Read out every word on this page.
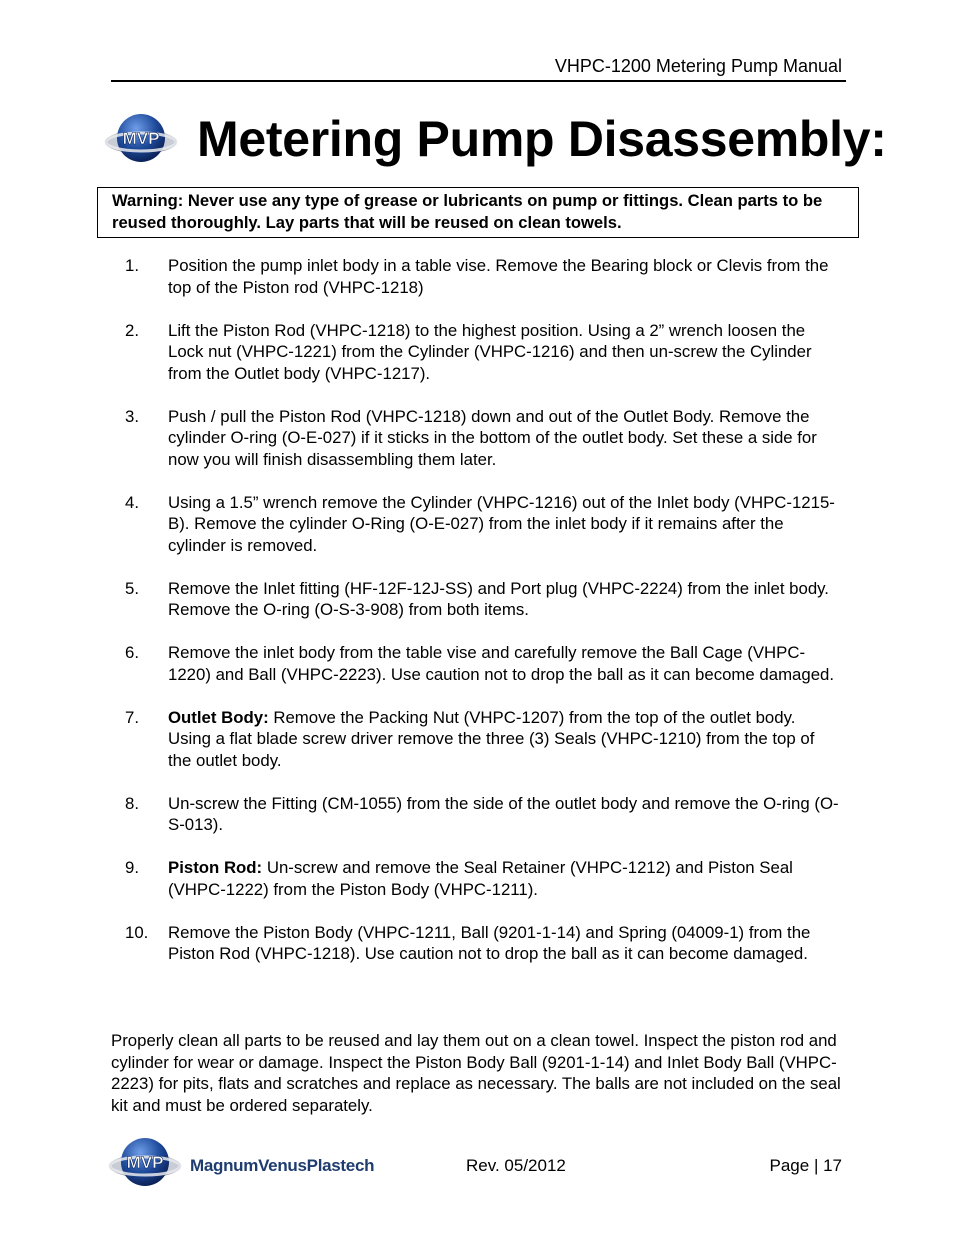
VHPC-1200 Metering Pump Manual
MVP Metering Pump Disassembly:
Warning: Never use any type of grease or lubricants on pump or fittings. Clean parts to be reused thoroughly. Lay parts that will be reused on clean towels.
1. Position the pump inlet body in a table vise. Remove the Bearing block or Clevis from the top of the Piston rod (VHPC-1218)
2. Lift the Piston Rod (VHPC-1218) to the highest position. Using a 2” wrench loosen the Lock nut (VHPC-1221) from the Cylinder (VHPC-1216) and then un-screw the Cylinder from the Outlet body (VHPC-1217).
3. Push / pull the Piston Rod (VHPC-1218) down and out of the Outlet Body. Remove the cylinder O-ring (O-E-027) if it sticks in the bottom of the outlet body. Set these a side for now you will finish disassembling them later.
4. Using a 1.5” wrench remove the Cylinder (VHPC-1216) out of the Inlet body (VHPC-1215-B). Remove the cylinder O-Ring (O-E-027) from the inlet body if it remains after the cylinder is removed.
5. Remove the Inlet fitting (HF-12F-12J-SS) and Port plug (VHPC-2224) from the inlet body. Remove the O-ring (O-S-3-908) from both items.
6. Remove the inlet body from the table vise and carefully remove the Ball Cage (VHPC-1220) and Ball (VHPC-2223). Use caution not to drop the ball as it can become damaged.
7. Outlet Body: Remove the Packing Nut (VHPC-1207) from the top of the outlet body. Using a flat blade screw driver remove the three (3) Seals (VHPC-1210) from the top of the outlet body.
8. Un-screw the Fitting (CM-1055) from the side of the outlet body and remove the O-ring (O-S-013).
9. Piston Rod: Un-screw and remove the Seal Retainer (VHPC-1212) and Piston Seal (VHPC-1222) from the Piston Body (VHPC-1211).
10. Remove the Piston Body (VHPC-1211, Ball (9201-1-14) and Spring (04009-1) from the Piston Rod (VHPC-1218). Use caution not to drop the ball as it can become damaged.
Properly clean all parts to be reused and lay them out on a clean towel. Inspect the piston rod and cylinder for wear or damage. Inspect the Piston Body Ball (9201-1-14) and Inlet Body Ball (VHPC-2223) for pits, flats and scratches and replace as necessary. The balls are not included on the seal kit and must be ordered separately.
MVP MagnumVenusPlastech	Rev. 05/2012	Page | 17
